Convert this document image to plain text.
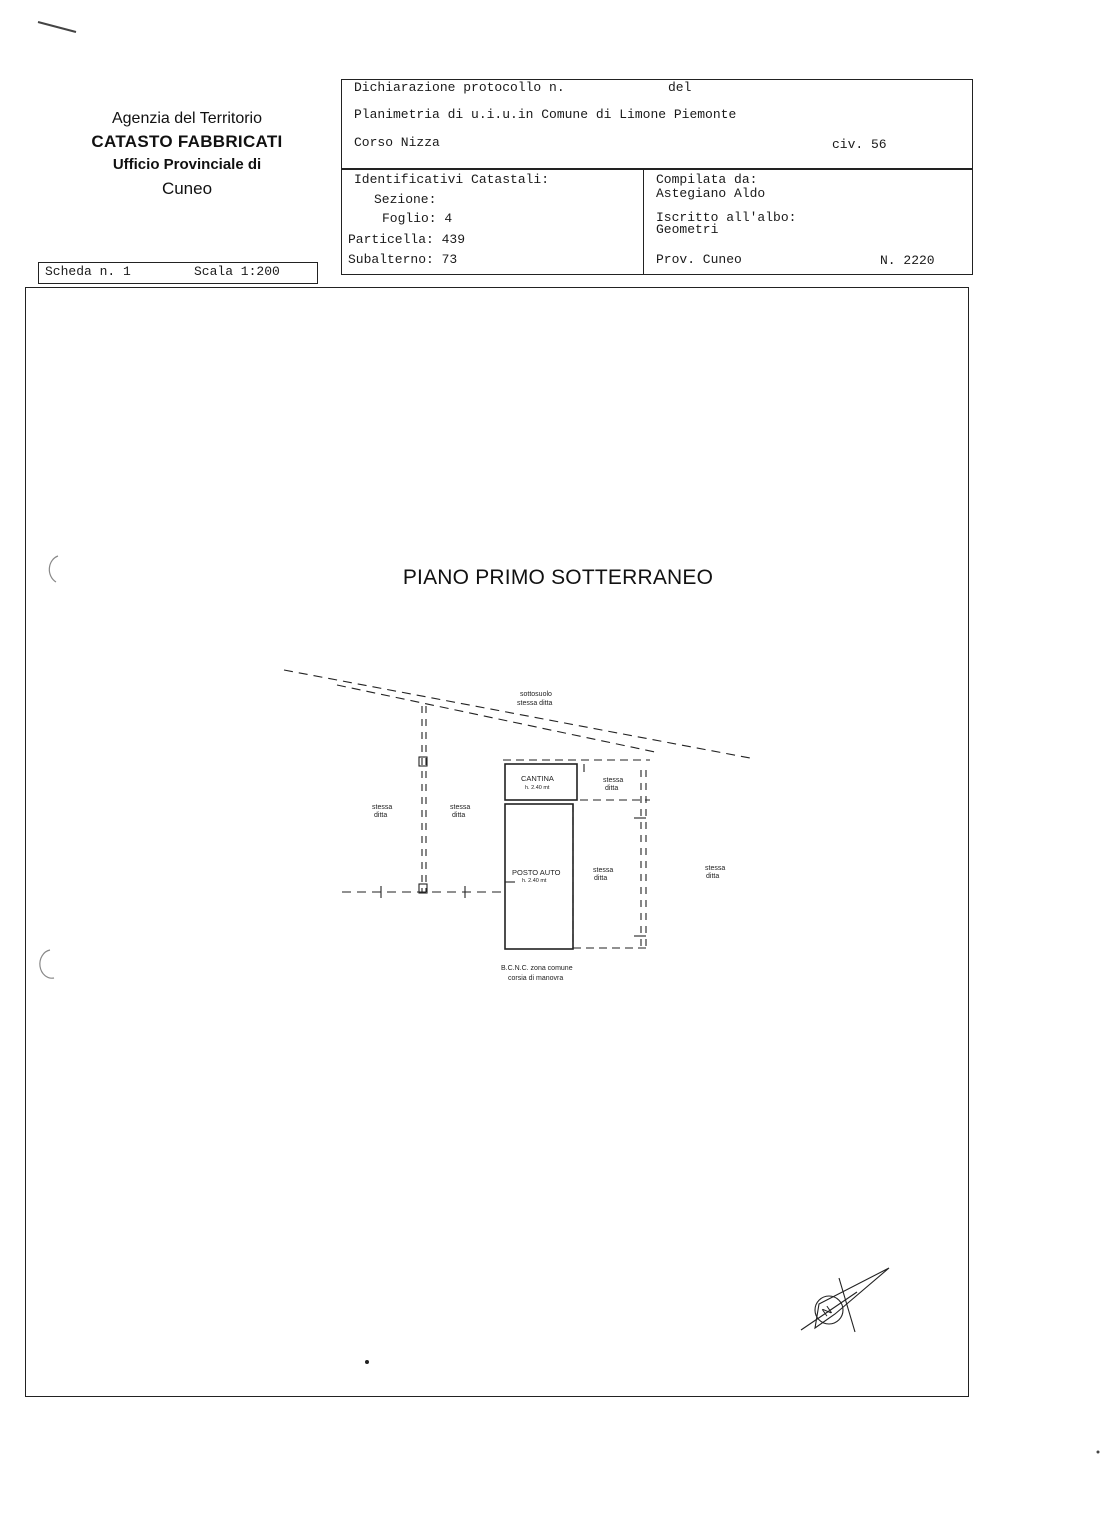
Agenzia del Territorio
CATASTO FABBRICATI
Ufficio Provinciale di
Cuneo
Dichiarazione protocollo n.	del
Planimetria di u.i.u.in Comune di Limone Piemonte
Corso Nizza	civ. 56
Identificativi Catastali:
Sezione:
Foglio: 4
Particella: 439
Subalterno: 73
Compilata da:
Astegiano Aldo
Iscritto all'albo:
Geometri
Prov. Cuneo	N. 2220
Scheda n. 1	Scala 1:200
PIANO PRIMO SOTTERRANEO
sottosuolo
stessa ditta
stessa
ditta
stessa
ditta
CANTINA
h. 2.40 mt
stessa
ditta
POSTO AUTO
h. 2.40 mt
stessa
ditta
stessa
ditta
B.C.N.C. zona comune
corsia di manovra
N
